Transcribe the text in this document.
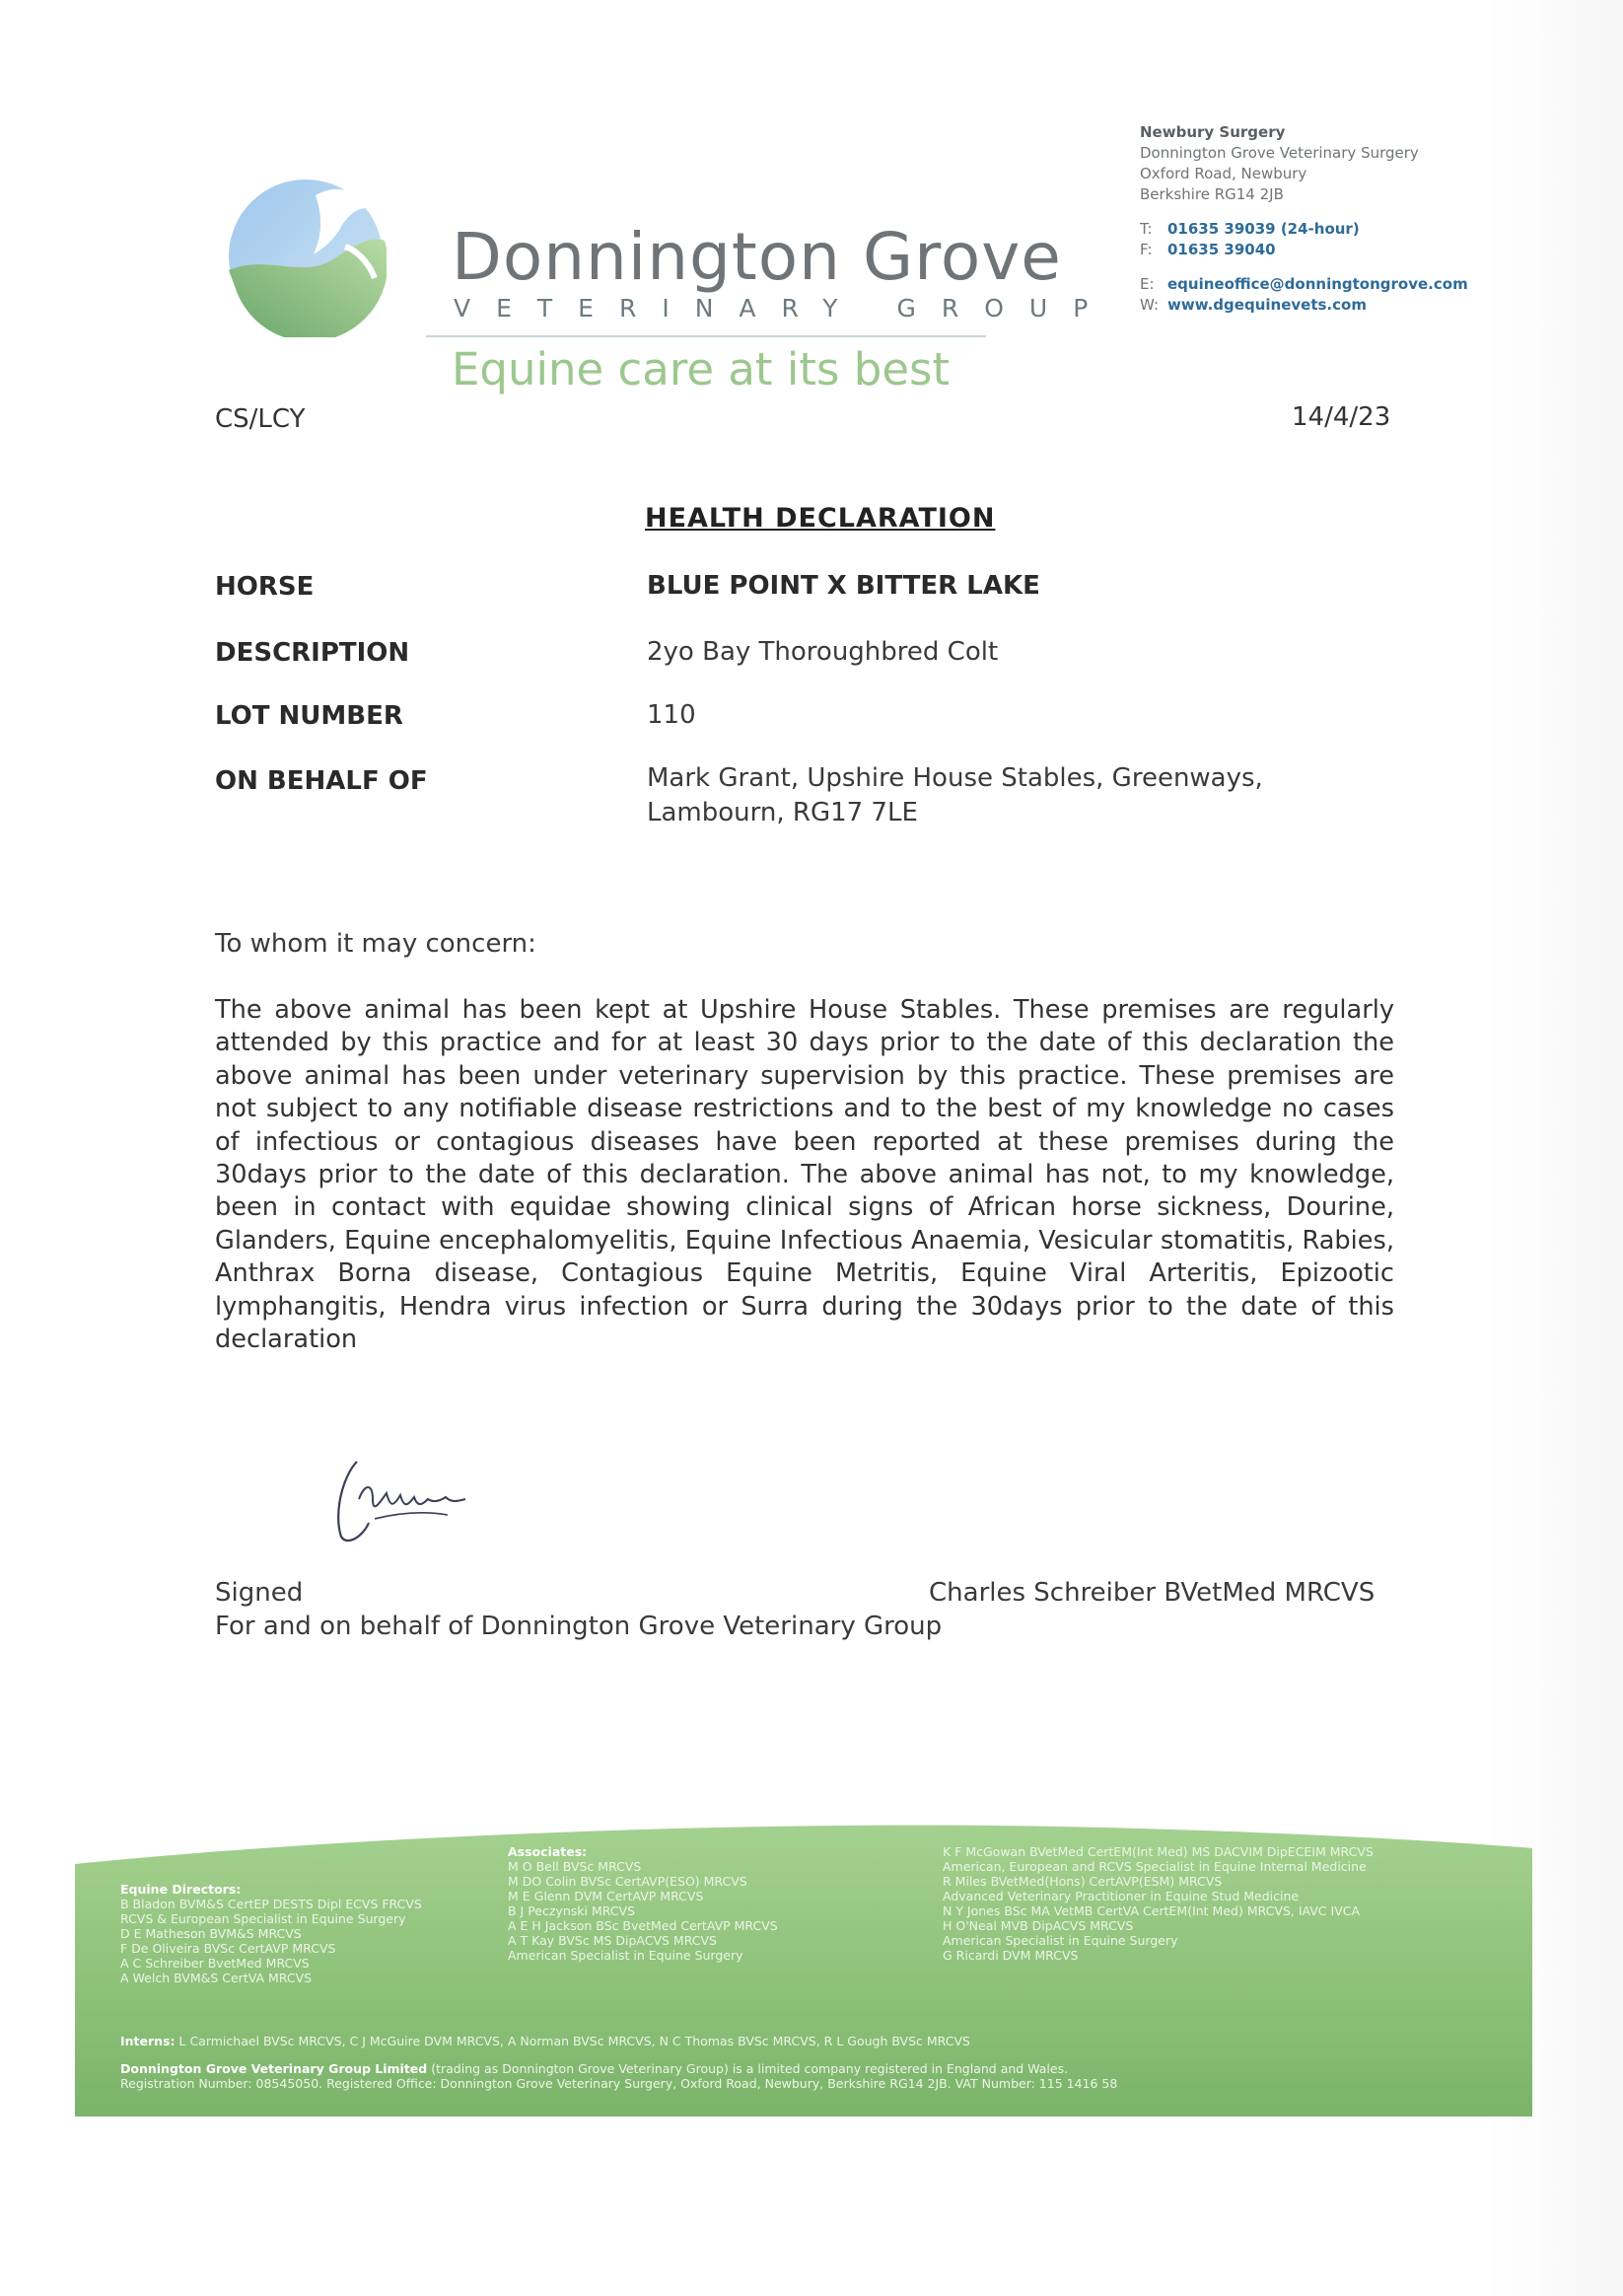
Donnington Grove
VETERINARY GROUP
Equine care at its best
Newbury Surgery
Donnington Grove Veterinary Surgery
Oxford Road, Newbury
Berkshire RG14 2JB
T: 01635 39039 (24-hour)
F: 01635 39040
E: equineoffice@donningtongrove.com
W: www.dgequinevets.com
CS/LCY	14/4/23
HEALTH DECLARATION
HORSE	BLUE POINT X BITTER LAKE
DESCRIPTION	2yo Bay Thoroughbred Colt
LOT NUMBER	110
ON BEHALF OF	Mark Grant, Upshire House Stables, Greenways,
Lambourn, RG17 7LE
To whom it may concern:
The above animal has been kept at Upshire House Stables. These premises are regularly attended by this practice and for at least 30 days prior to the date of this declaration the above animal has been under veterinary supervision by this practice. These premises are not subject to any notifiable disease restrictions and to the best of my knowledge no cases of infectious or contagious diseases have been reported at these premises during the 30days prior to the date of this declaration. The above animal has not, to my knowledge, been in contact with equidae showing clinical signs of African horse sickness, Dourine, Glanders, Equine encephalomyelitis, Equine Infectious Anaemia, Vesicular stomatitis, Rabies, Anthrax Borna disease, Contagious Equine Metritis, Equine Viral Arteritis, Epizootic lymphangitis, Hendra virus infection or Surra during the 30days prior to the date of this declaration
Signed	Charles Schreiber BVetMed MRCVS
For and on behalf of Donnington Grove Veterinary Group
Equine Directors:
B Bladon BVM&S CertEP DESTS Dipl ECVS FRCVS
RCVS & European Specialist in Equine Surgery
D E Matheson BVM&S MRCVS
F De Oliveira BVSc CertAVP MRCVS
A C Schreiber BvetMed MRCVS
A Welch BVM&S CertVA MRCVS
Associates:
M O Bell BVSc MRCVS
M DO Colin BVSc CertAVP(ESO) MRCVS
M E Glenn DVM CertAVP MRCVS
B J Peczynski MRCVS
A E H Jackson BSc BvetMed CertAVP MRCVS
A T Kay BVSc MS DipACVS MRCVS
American Specialist in Equine Surgery
K F McGowan BVetMed CertEM(Int Med) MS DACVIM DipECEIM MRCVS
American, European and RCVS Specialist in Equine Internal Medicine
R Miles BVetMed(Hons) CertAVP(ESM) MRCVS
Advanced Veterinary Practitioner in Equine Stud Medicine
N Y Jones BSc MA VetMB CertVA CertEM(Int Med) MRCVS, IAVC IVCA
H O'Neal MVB DipACVS MRCVS
American Specialist in Equine Surgery
G Ricardi DVM MRCVS
Interns: L Carmichael BVSc MRCVS, C J McGuire DVM MRCVS, A Norman BVSc MRCVS, N C Thomas BVSc MRCVS, R L Gough BVSc MRCVS
Donnington Grove Veterinary Group Limited (trading as Donnington Grove Veterinary Group) is a limited company registered in England and Wales.
Registration Number: 08545050. Registered Office: Donnington Grove Veterinary Surgery, Oxford Road, Newbury, Berkshire RG14 2JB. VAT Number: 115 1416 58
